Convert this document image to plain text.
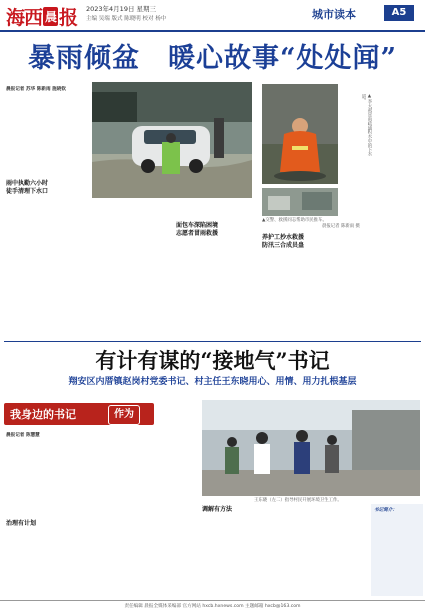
海西 晨 报 2023年4月19日 星期三
主编 吴端 版式 陈晓明 校对 杨中	城市读本	A5
暴雨倾盆　暖心故事“处处闻”
晨报记者 苏华 陈新雨 施晓钦
雨中执勤六小时
徒手清理下水口
面包车深陷困境
志愿者冒雨救援
▲李大叔冒雨疏通积水中的下水道。
▲交警、救援同志帮助市民推车。
晨报记者 陈新雨 摄
养护工抄水救援
防汛三合成员蛊
有计有谋的“接地气”书记
翔安区内厝镇赵岗村党委书记、村主任王东晓用心、用情、用力扎根基层
我身边的书记	作为
晨报记者 陈慧慧
治理有计划
王东晓（左二）指导村民开展环境卫生工作。
调解有方法	书记简介：
责任编辑 晨报全媒体采编部 官方网站 hxcb.hxnews.com 主题邮箱 hxcb@163.com
